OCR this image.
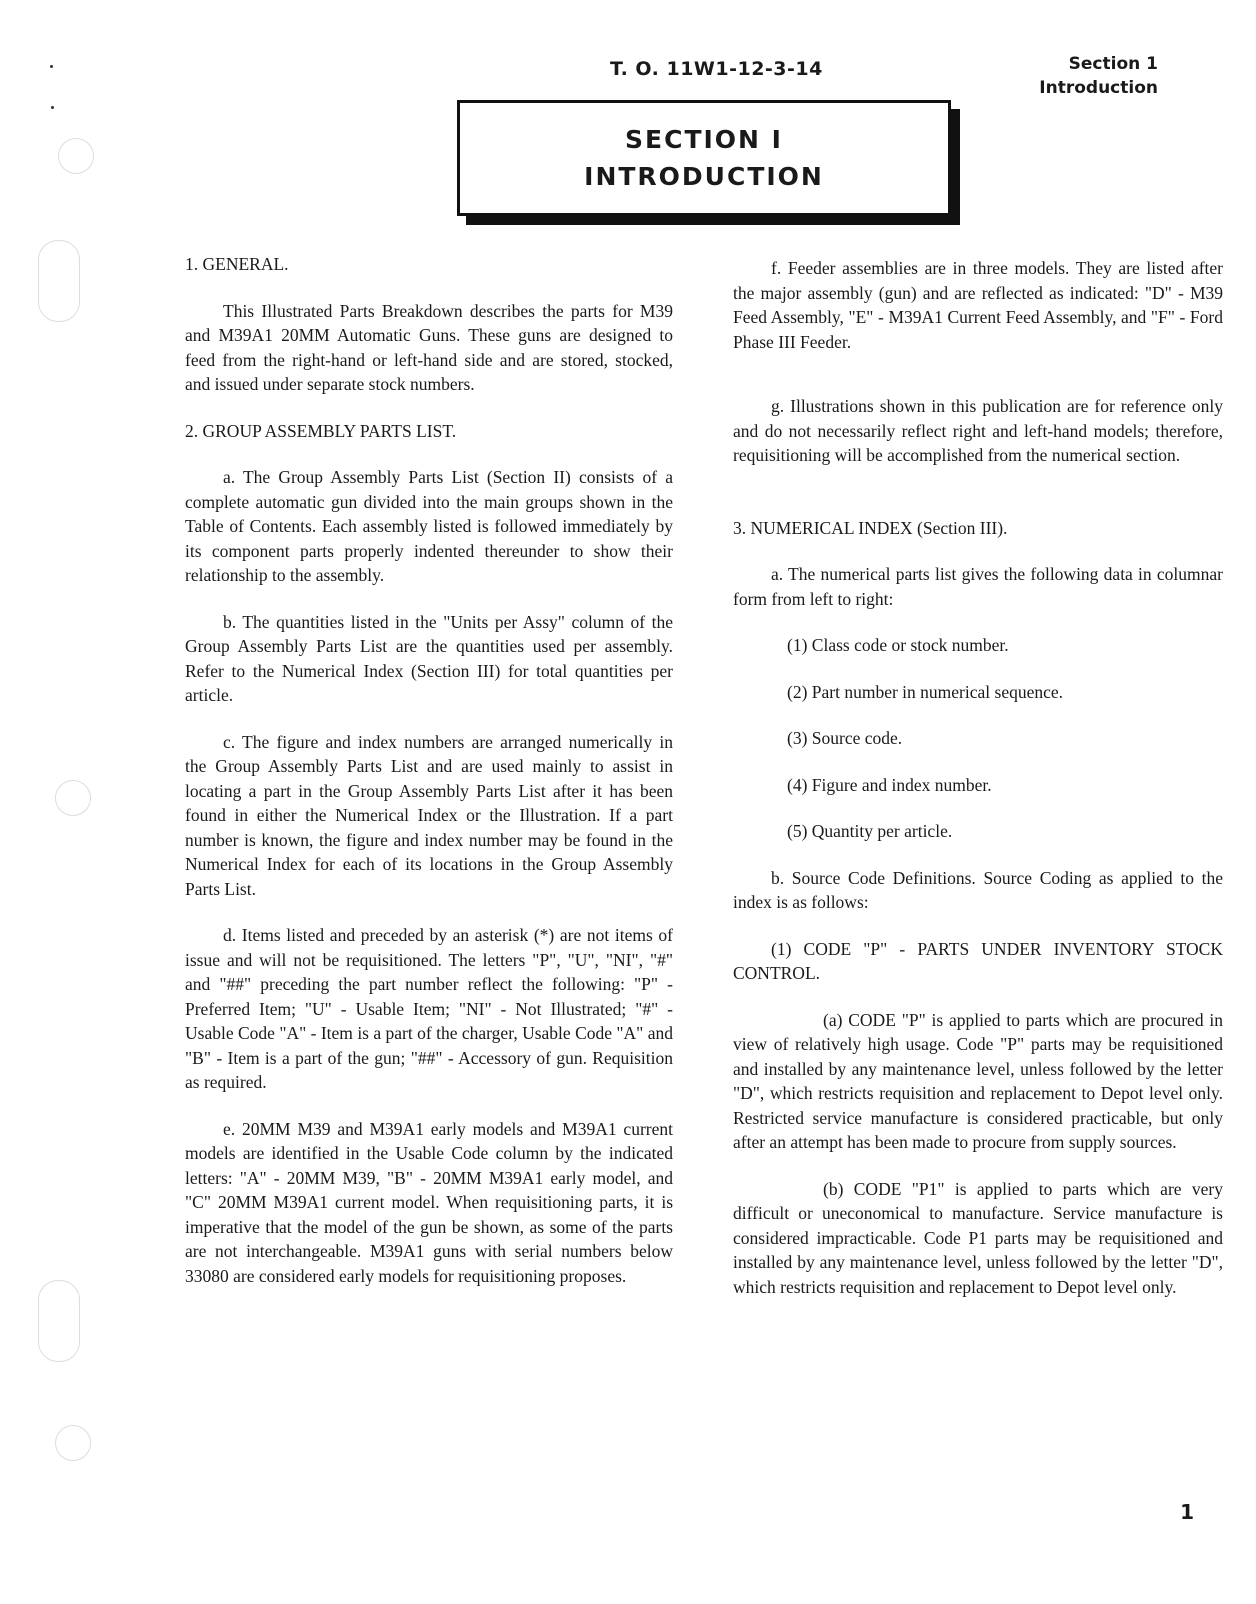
T. O. 11W1-12-3-14	Section 1
Introduction
SECTION I
INTRODUCTION

1. GENERAL.

This Illustrated Parts Breakdown describes the parts for M39 and M39A1 20MM Automatic Guns. These guns are designed to feed from the right-hand or left-hand side and are stored, stocked, and issued under separate stock numbers.

2. GROUP ASSEMBLY PARTS LIST.

a. The Group Assembly Parts List (Section II) consists of a complete automatic gun divided into the main groups shown in the Table of Contents. Each assembly listed is followed immediately by its component parts properly indented thereunder to show their relationship to the assembly.

b. The quantities listed in the "Units per Assy" column of the Group Assembly Parts List are the quantities used per assembly. Refer to the Numerical Index (Section III) for total quantities per article.

c. The figure and index numbers are arranged numerically in the Group Assembly Parts List and are used mainly to assist in locating a part in the Group Assembly Parts List after it has been found in either the Numerical Index or the Illustration. If a part number is known, the figure and index number may be found in the Numerical Index for each of its locations in the Group Assembly Parts List.

d. Items listed and preceded by an asterisk (*) are not items of issue and will not be requisitioned. The letters "P", "U", "NI", "#" and "##" preceding the part number reflect the following: "P" - Preferred Item; "U" - Usable Item; "NI" - Not Illustrated; "#" - Usable Code "A" - Item is a part of the charger, Usable Code "A" and "B" - Item is a part of the gun; "##" - Accessory of gun. Requisition as required.

e. 20MM M39 and M39A1 early models and M39A1 current models are identified in the Usable Code column by the indicated letters: "A" - 20MM M39, "B" - 20MM M39A1 early model, and "C" 20MM M39A1 current model. When requisitioning parts, it is imperative that the model of the gun be shown, as some of the parts are not interchangeable. M39A1 guns with serial numbers below 33080 are considered early models for requisitioning proposes.

f. Feeder assemblies are in three models. They are listed after the major assembly (gun) and are reflected as indicated: "D" - M39 Feed Assembly, "E" - M39A1 Current Feed Assembly, and "F" - Ford Phase III Feeder.

g. Illustrations shown in this publication are for reference only and do not necessarily reflect right and left-hand models; therefore, requisitioning will be accomplished from the numerical section.

3. NUMERICAL INDEX (Section III).

a. The numerical parts list gives the following data in columnar form from left to right:

(1) Class code or stock number.

(2) Part number in numerical sequence.

(3) Source code.

(4) Figure and index number.

(5) Quantity per article.

b. Source Code Definitions. Source Coding as applied to the index is as follows:

(1) CODE "P" - PARTS UNDER INVENTORY STOCK CONTROL.

(a) CODE "P" is applied to parts which are procured in view of relatively high usage. Code "P" parts may be requisitioned and installed by any maintenance level, unless followed by the letter "D", which restricts requisition and replacement to Depot level only. Restricted service manufacture is considered practicable, but only after an attempt has been made to procure from supply sources.

(b) CODE "P1" is applied to parts which are very difficult or uneconomical to manufacture. Service manufacture is considered impracticable. Code P1 parts may be requisitioned and installed by any maintenance level, unless followed by the letter "D", which restricts requisition and replacement to Depot level only.

1
